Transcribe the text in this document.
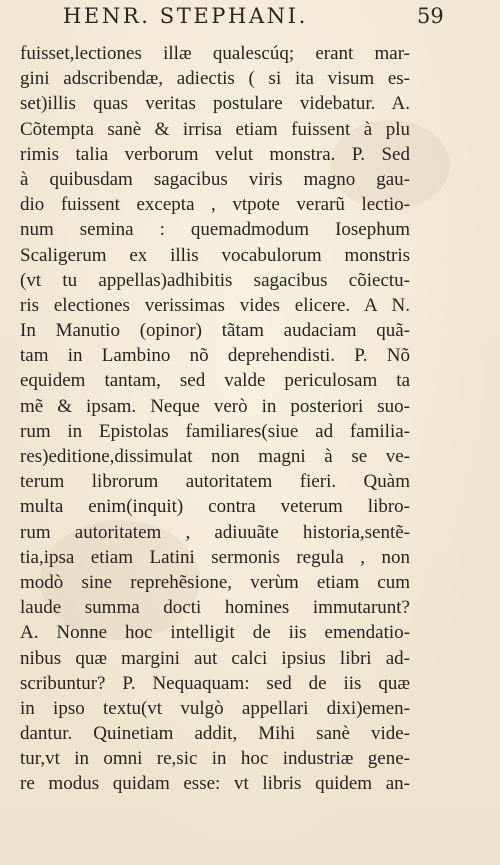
HENR. STEPHANI.	59
fuisset,lectiones illæ qualescúq; erant mar-
gini adscribendæ, adiectis ( si ita visum es-
set)illis quas veritas postulare videbatur. A.
Cõtempta sanè & irrisa etiam fuissent à plu
rimis talia verborum velut monstra. P. Sed
à quibusdam sagacibus viris magno gau-
dio fuissent excepta , vtpote verarũ lectio-
num semina : quemadmodum Iosephum
Scaligerum ex illis vocabulorum monstris
(vt tu appellas)adhibitis sagacibus cõiectu-
ris electiones verissimas vides elicere. A N.
In Manutio (opinor) tãtam audaciam quã-
tam in Lambino nõ deprehendisti. P. Nõ
equidem tantam, sed valde periculosam ta
mẽ & ipsam. Neque verò in posteriori suo-
rum in Epistolas familiares(siue ad familia-
res)editione,dissimulat non magni à se ve-
terum librorum autoritatem fieri. Quàm
multa enim(inquit) contra veterum libro-
rum autoritatem , adiuuãte historia,sentẽ-
tia,ipsa etiam Latini sermonis regula , non
modò sine reprehẽsione, verùm etiam cum
laude summa docti homines immutarunt?
A. Nonne hoc intelligit de iis emendatio-
nibus quæ margini aut calci ipsius libri ad-
scribuntur? P. Nequaquam: sed de iis quæ
in ipso textu(vt vulgò appellari dixi)emen-
dantur. Quinetiam addit, Mihi sanè vide-
tur,vt in omni re,sic in hoc industriæ gene-
re modus quidam esse: vt libris quidem an-
